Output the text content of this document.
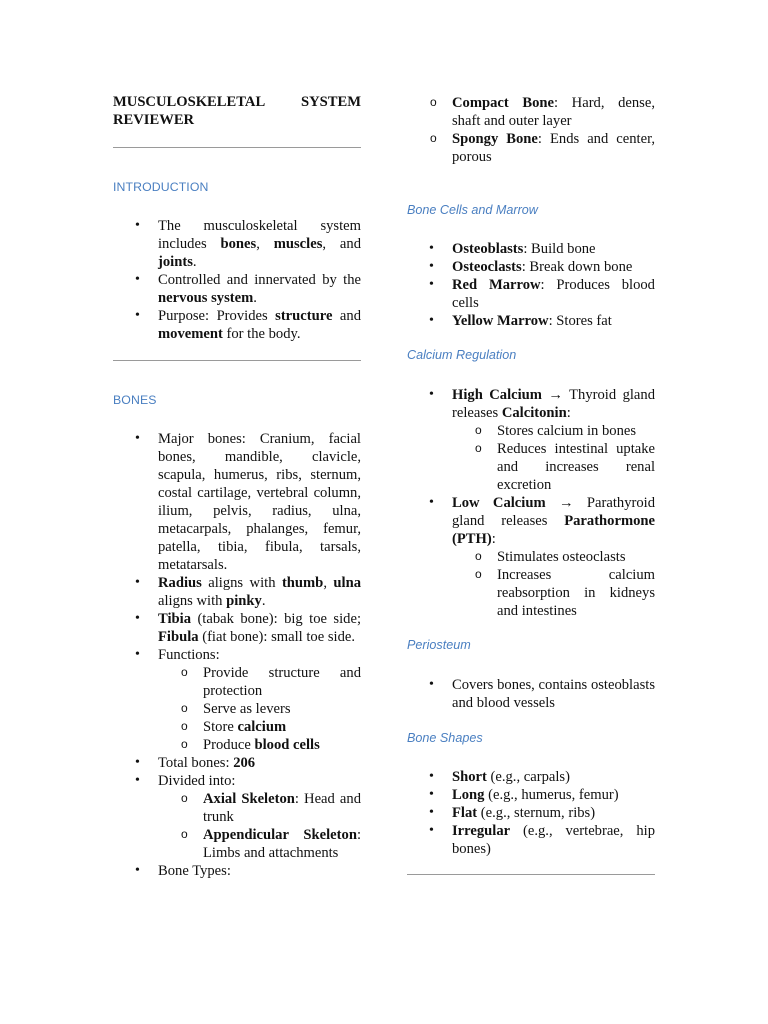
MUSCULOSKELETAL SYSTEM
REVIEWER
INTRODUCTION
• The musculoskeletal system includes bones, muscles, and joints.
• Controlled and innervated by the nervous system.
• Purpose: Provides structure and movement for the body.
BONES
• Major bones: Cranium, facial bones, mandible, clavicle, scapula, humerus, ribs, sternum, costal cartilage, vertebral column, ilium, pelvis, radius, ulna, metacarpals, phalanges, femur, patella, tibia, fibula, tarsals, metatarsals.
• Radius aligns with thumb, ulna aligns with pinky.
• Tibia (tabak bone): big toe side; Fibula (fiat bone): small toe side.
• Functions:
o Provide structure and protection
o Serve as levers
o Store calcium
o Produce blood cells
• Total bones: 206
• Divided into:
o Axial Skeleton: Head and trunk
o Appendicular Skeleton: Limbs and attachments
• Bone Types:
o Compact Bone: Hard, dense, shaft and outer layer
o Spongy Bone: Ends and center, porous
Bone Cells and Marrow
• Osteoblasts: Build bone
• Osteoclasts: Break down bone
• Red Marrow: Produces blood cells
• Yellow Marrow: Stores fat
Calcium Regulation
• High Calcium → Thyroid gland releases Calcitonin:
o Stores calcium in bones
o Reduces intestinal uptake and increases renal excretion
• Low Calcium → Parathyroid gland releases Parathormone (PTH):
o Stimulates osteoclasts
o Increases calcium reabsorption in kidneys and intestines
Periosteum
• Covers bones, contains osteoblasts and blood vessels
Bone Shapes
• Short (e.g., carpals)
• Long (e.g., humerus, femur)
• Flat (e.g., sternum, ribs)
• Irregular (e.g., vertebrae, hip bones)
